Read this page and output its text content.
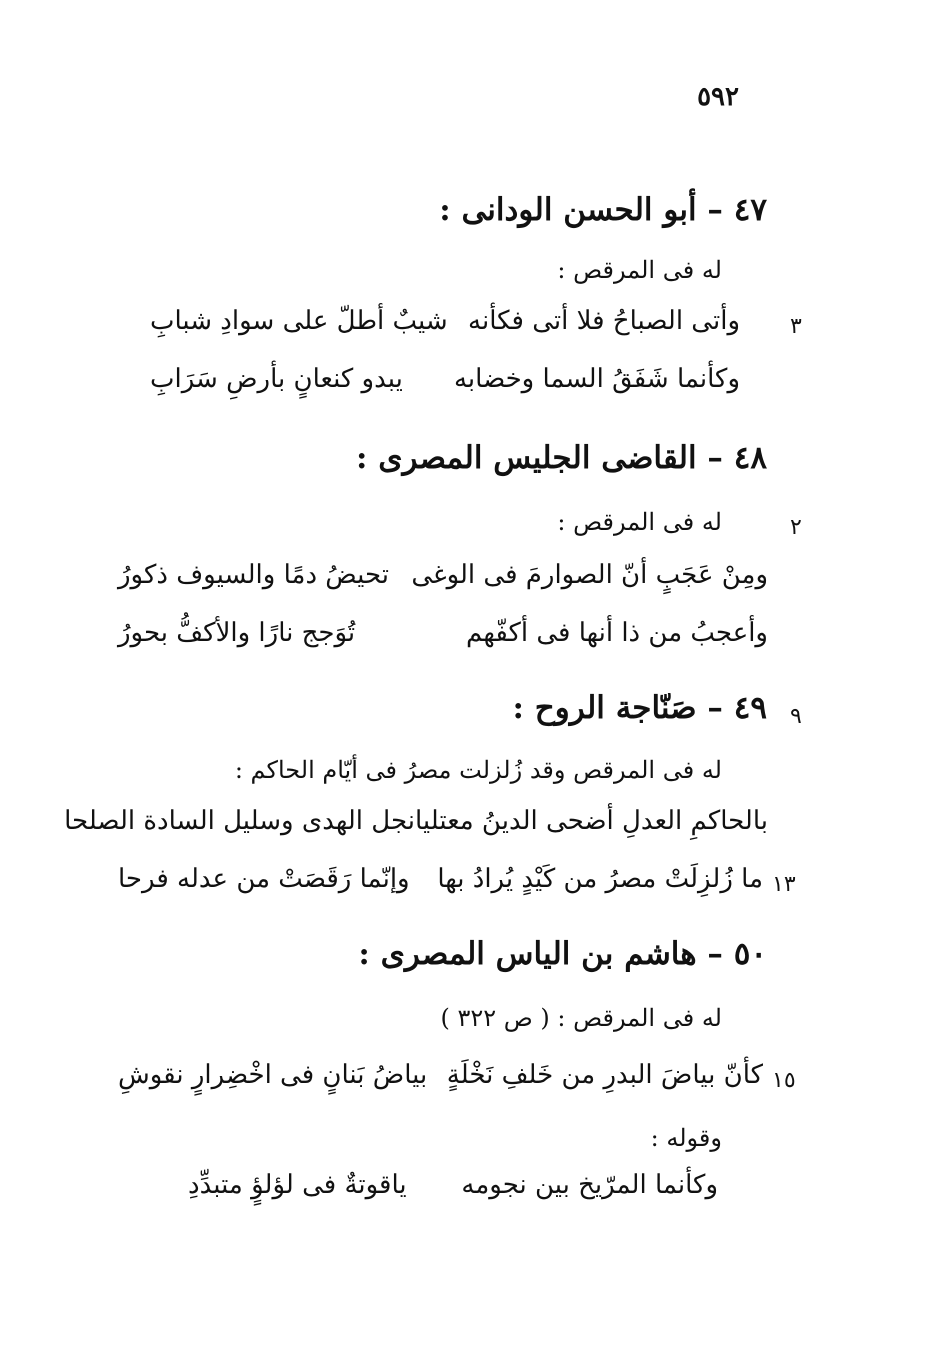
٥٩٢
٤٧ – أبو الحسن الودانى :
له فى المرقص :
٣
وأتى الصباحُ فلا أتى فكأنه
شيبٌ أطلّ على سوادِ شبابِ
وكأنما شَفَقُ السما وخضابه
يبدو كنعانٍ بأرضِ سَرَابِ
٤٨ – القاضى الجليس المصرى :
٢
له فى المرقص :
ومِنْ عَجَبٍ أنّ الصوارمَ فى الوغى
تحيضُ دمًا والسيوف ذكورُ
وأعجبُ من ذا أنها فى أكفّهم
تُوَجج نارًا والأكفُّ بحورُ
٩
٤٩ – صَنّاجة الروح :
له فى المرقص وقد زُلزلت مصرُ فى أيّام الحاكم :
بالحاكمِ العدلِ أضحى الدينُ معتليا
نجل الهدى وسليل السادة الصلحا
١٣
ما زُلزِلَتْ مصرُ من كَيْدٍ يُرادُ بها
وإنّما رَقَصَتْ من عدله فرحا
٥٠ – هاشم بن الياس المصرى :
له فى المرقص : ( ص ٣٢٢ )
١٥
كأنّ بياضَ البدرِ من خَلفِ نَخْلَةٍ
بياضُ بَنانٍ فى اخْضِرارٍ نقوشِ
وقوله :
وكأنما المرّيخ بين نجومه
ياقوتةٌ فى لؤلؤٍ متبدِّدِ
